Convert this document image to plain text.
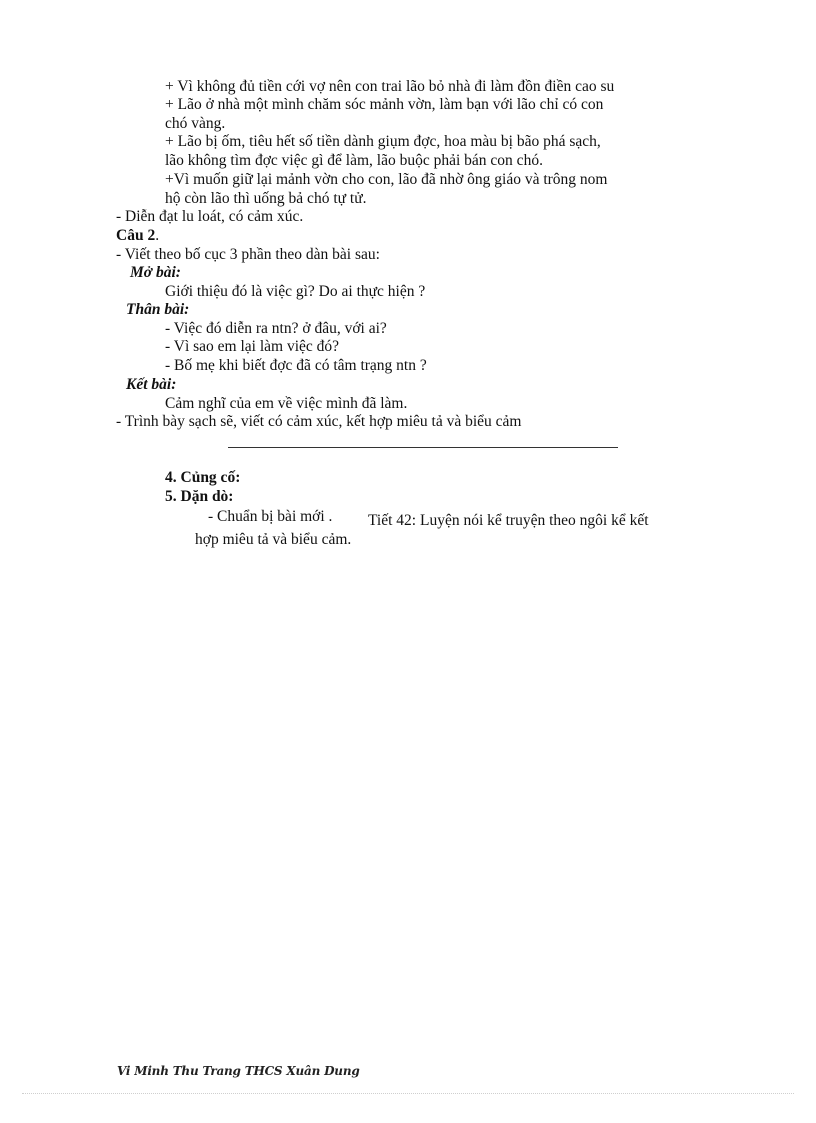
+ Vì không đủ tiền cới vợ nên con trai lão bỏ nhà đi làm đồn điền cao su
+ Lão ở nhà một mình chăm sóc mảnh vờn, làm bạn với lão chỉ có con
chó vàng.
+ Lão bị ốm, tiêu hết số tiền dành giụm đợc, hoa màu bị bão phá sạch,
lão không tìm đợc việc gì để làm, lão buộc phải bán con chó.
+Vì muốn giữ lại mảnh vờn cho con, lão đã nhờ ông giáo và trông nom
hộ còn lão thì uống bả chó tự tử.
- Diễn đạt lu loát, có cảm xúc.
Câu 2.
- Viết theo bố cục 3 phần theo dàn bài sau:
Mở bài:
Giới thiệu đó là việc gì? Do ai thực hiện ?
Thân bài:
- Việc đó diễn ra ntn? ở đâu, với ai?
- Vì sao em lại làm việc đó?
- Bố mẹ khi biết đợc đã có tâm trạng ntn ?
Kết bài:
Cảm nghĩ của em về việc mình đã làm.
- Trình bày sạch sẽ, viết có cảm xúc, kết hợp miêu tả và biểu cảm
4. Củng cố:
5. Dặn dò:
- Chuẩn bị bài mới . Tiết 42: Luyện nói kể truyện theo ngôi kể kết
hợp miêu tả và biểu cảm.
Vi Minh Thu Trang THCS Xuân Dung
